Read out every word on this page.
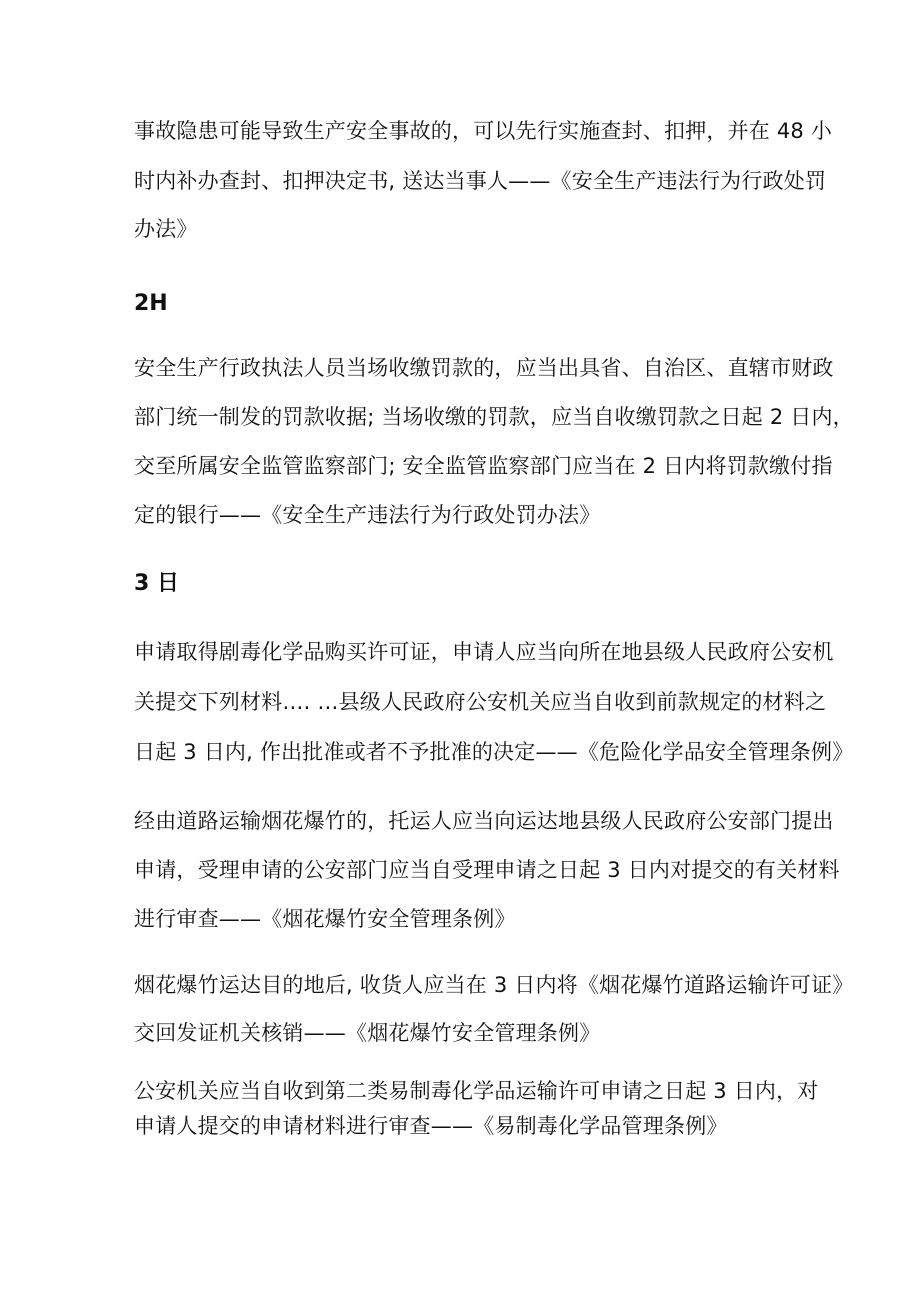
事故隐患可能导致生产安全事故的，可以先行实施查封、扣押，并在 48 小
时内补办查封、扣押决定书, 送达当事人——《安全生产违法行为行政处罚
办法》
2H
安全生产行政执法人员当场收缴罚款的，应当出具省、自治区、直辖市财政
部门统一制发的罚款收据; 当场收缴的罚款，应当自收缴罚款之日起 2 日内，
交至所属安全监管监察部门; 安全监管监察部门应当在 2 日内将罚款缴付指
定的银行——《安全生产违法行为行政处罚办法》
3 日
申请取得剧毒化学品购买许可证，申请人应当向所在地县级人民政府公安机
关提交下列材料…. …县级人民政府公安机关应当自收到前款规定的材料之
日起 3 日内, 作出批准或者不予批准的决定——《危险化学品安全管理条例》
经由道路运输烟花爆竹的，托运人应当向运达地县级人民政府公安部门提出
申请，受理申请的公安部门应当自受理申请之日起 3 日内对提交的有关材料
进行审查——《烟花爆竹安全管理条例》
烟花爆竹运达目的地后, 收货人应当在 3 日内将《烟花爆竹道路运输许可证》
交回发证机关核销——《烟花爆竹安全管理条例》
公安机关应当自收到第二类易制毒化学品运输许可申请之日起 3 日内，对
申请人提交的申请材料进行审查——《易制毒化学品管理条例》
